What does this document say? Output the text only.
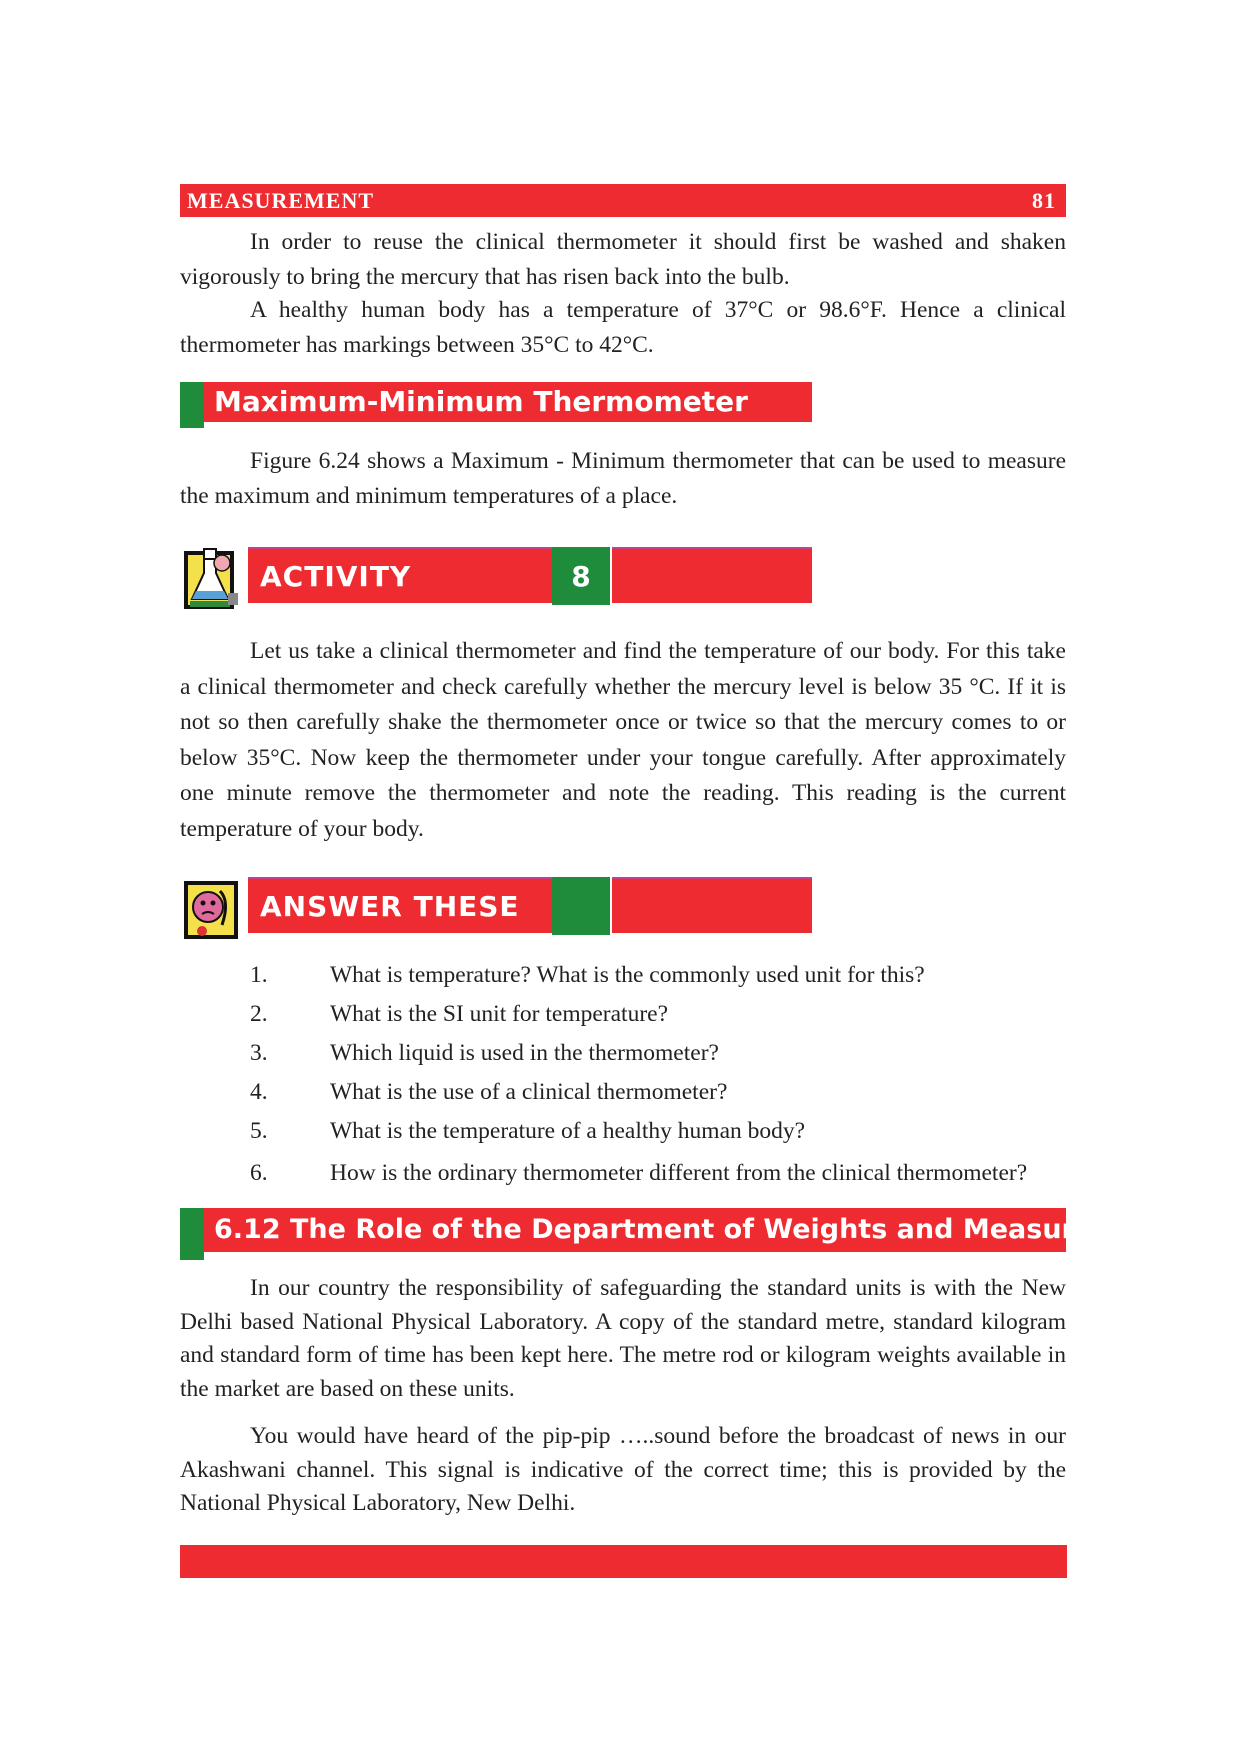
MEASUREMENT	81

In order to reuse the clinical thermometer it should first be washed and shaken vigorously to bring the mercury that has risen back into the bulb.

A healthy human body has a temperature of 37°C or 98.6°F. Hence a clinical thermometer has markings between 35°C to 42°C.

Maximum-Minimum Thermometer

Figure 6.24 shows a Maximum - Minimum thermometer that can be used to measure the maximum and minimum temperatures of a place.

ACTIVITY	8

Let us take a clinical thermometer and find the temperature of our body. For this take a clinical thermometer and check carefully whether the mercury level is below 35 °C. If it is not so then carefully shake the thermometer once or twice so that the mercury comes to or below 35°C. Now keep the thermometer under your tongue carefully. After approximately one minute remove the thermometer and note the reading. This reading is the current temperature of your body.

ANSWER THESE
1.	What is temperature? What is the commonly used unit for this?
2.	What is the SI unit for temperature?
3.	Which liquid is used in the thermometer?
4.	What is the use of a clinical thermometer?
5.	What is the temperature of a healthy human body?
6.	How is the ordinary thermometer different from the clinical thermometer?
6.12 The Role of the Department of Weights and Measures

In our country the responsibility of safeguarding the standard units is with the New Delhi based National Physical Laboratory. A copy of the standard metre, standard kilogram and standard form of time has been kept here. The metre rod or kilogram weights available in the market are based on these units.

You would have heard of the pip-pip …..sound before the broadcast of news in our Akashwani channel. This signal is indicative of the correct time; this is provided by the National Physical Laboratory, New Delhi.
